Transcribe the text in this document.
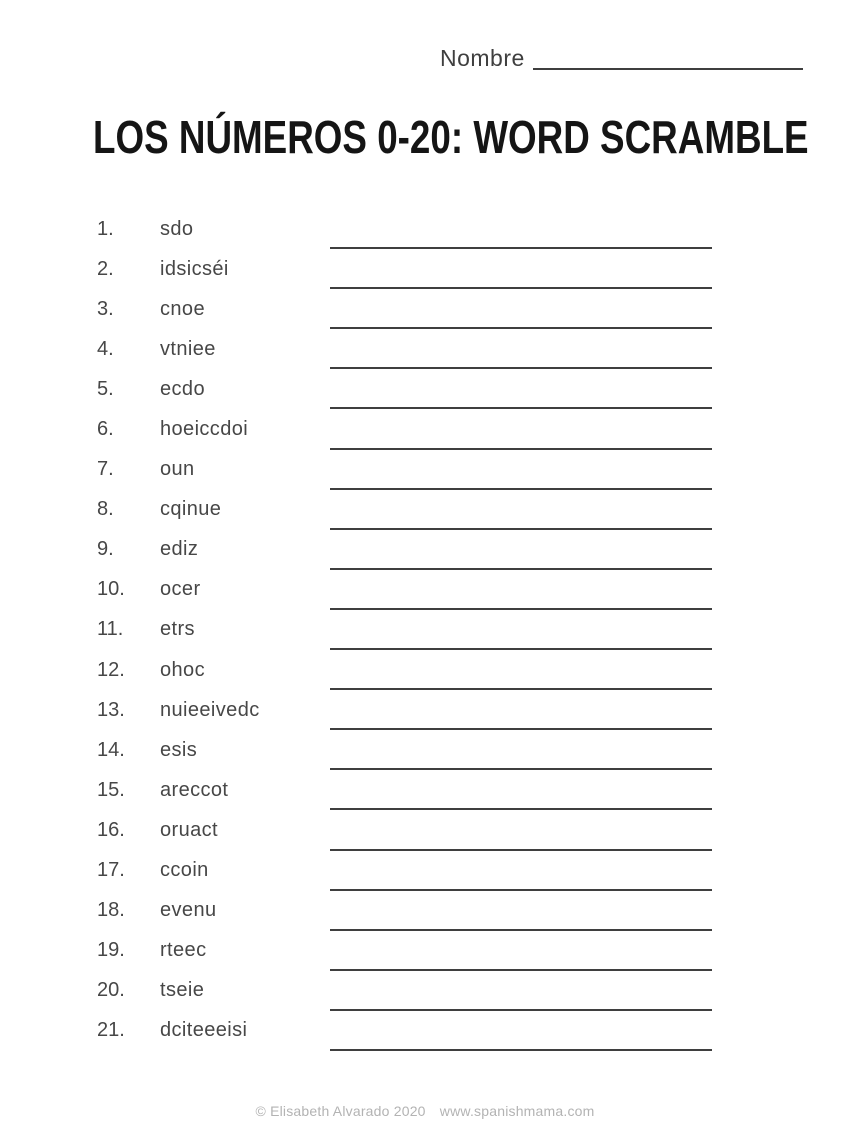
Nombre
LOS NÚMEROS 0-20: WORD SCRAMBLE
1.	sdo
2.	idsicséi
3.	cnoe
4.	vtniee
5.	ecdo
6.	hoeiccdoi
7.	oun
8.	cqinue
9.	ediz
10.	ocer
11.	etrs
12.	ohoc
13.	nuieeivedc
14.	esis
15.	areccot
16.	oruact
17.	ccoin
18.	evenu
19.	rteec
20.	tseie
21.	dciteeeisi
© Elisabeth Alvarado 2020 www.spanishmama.com
